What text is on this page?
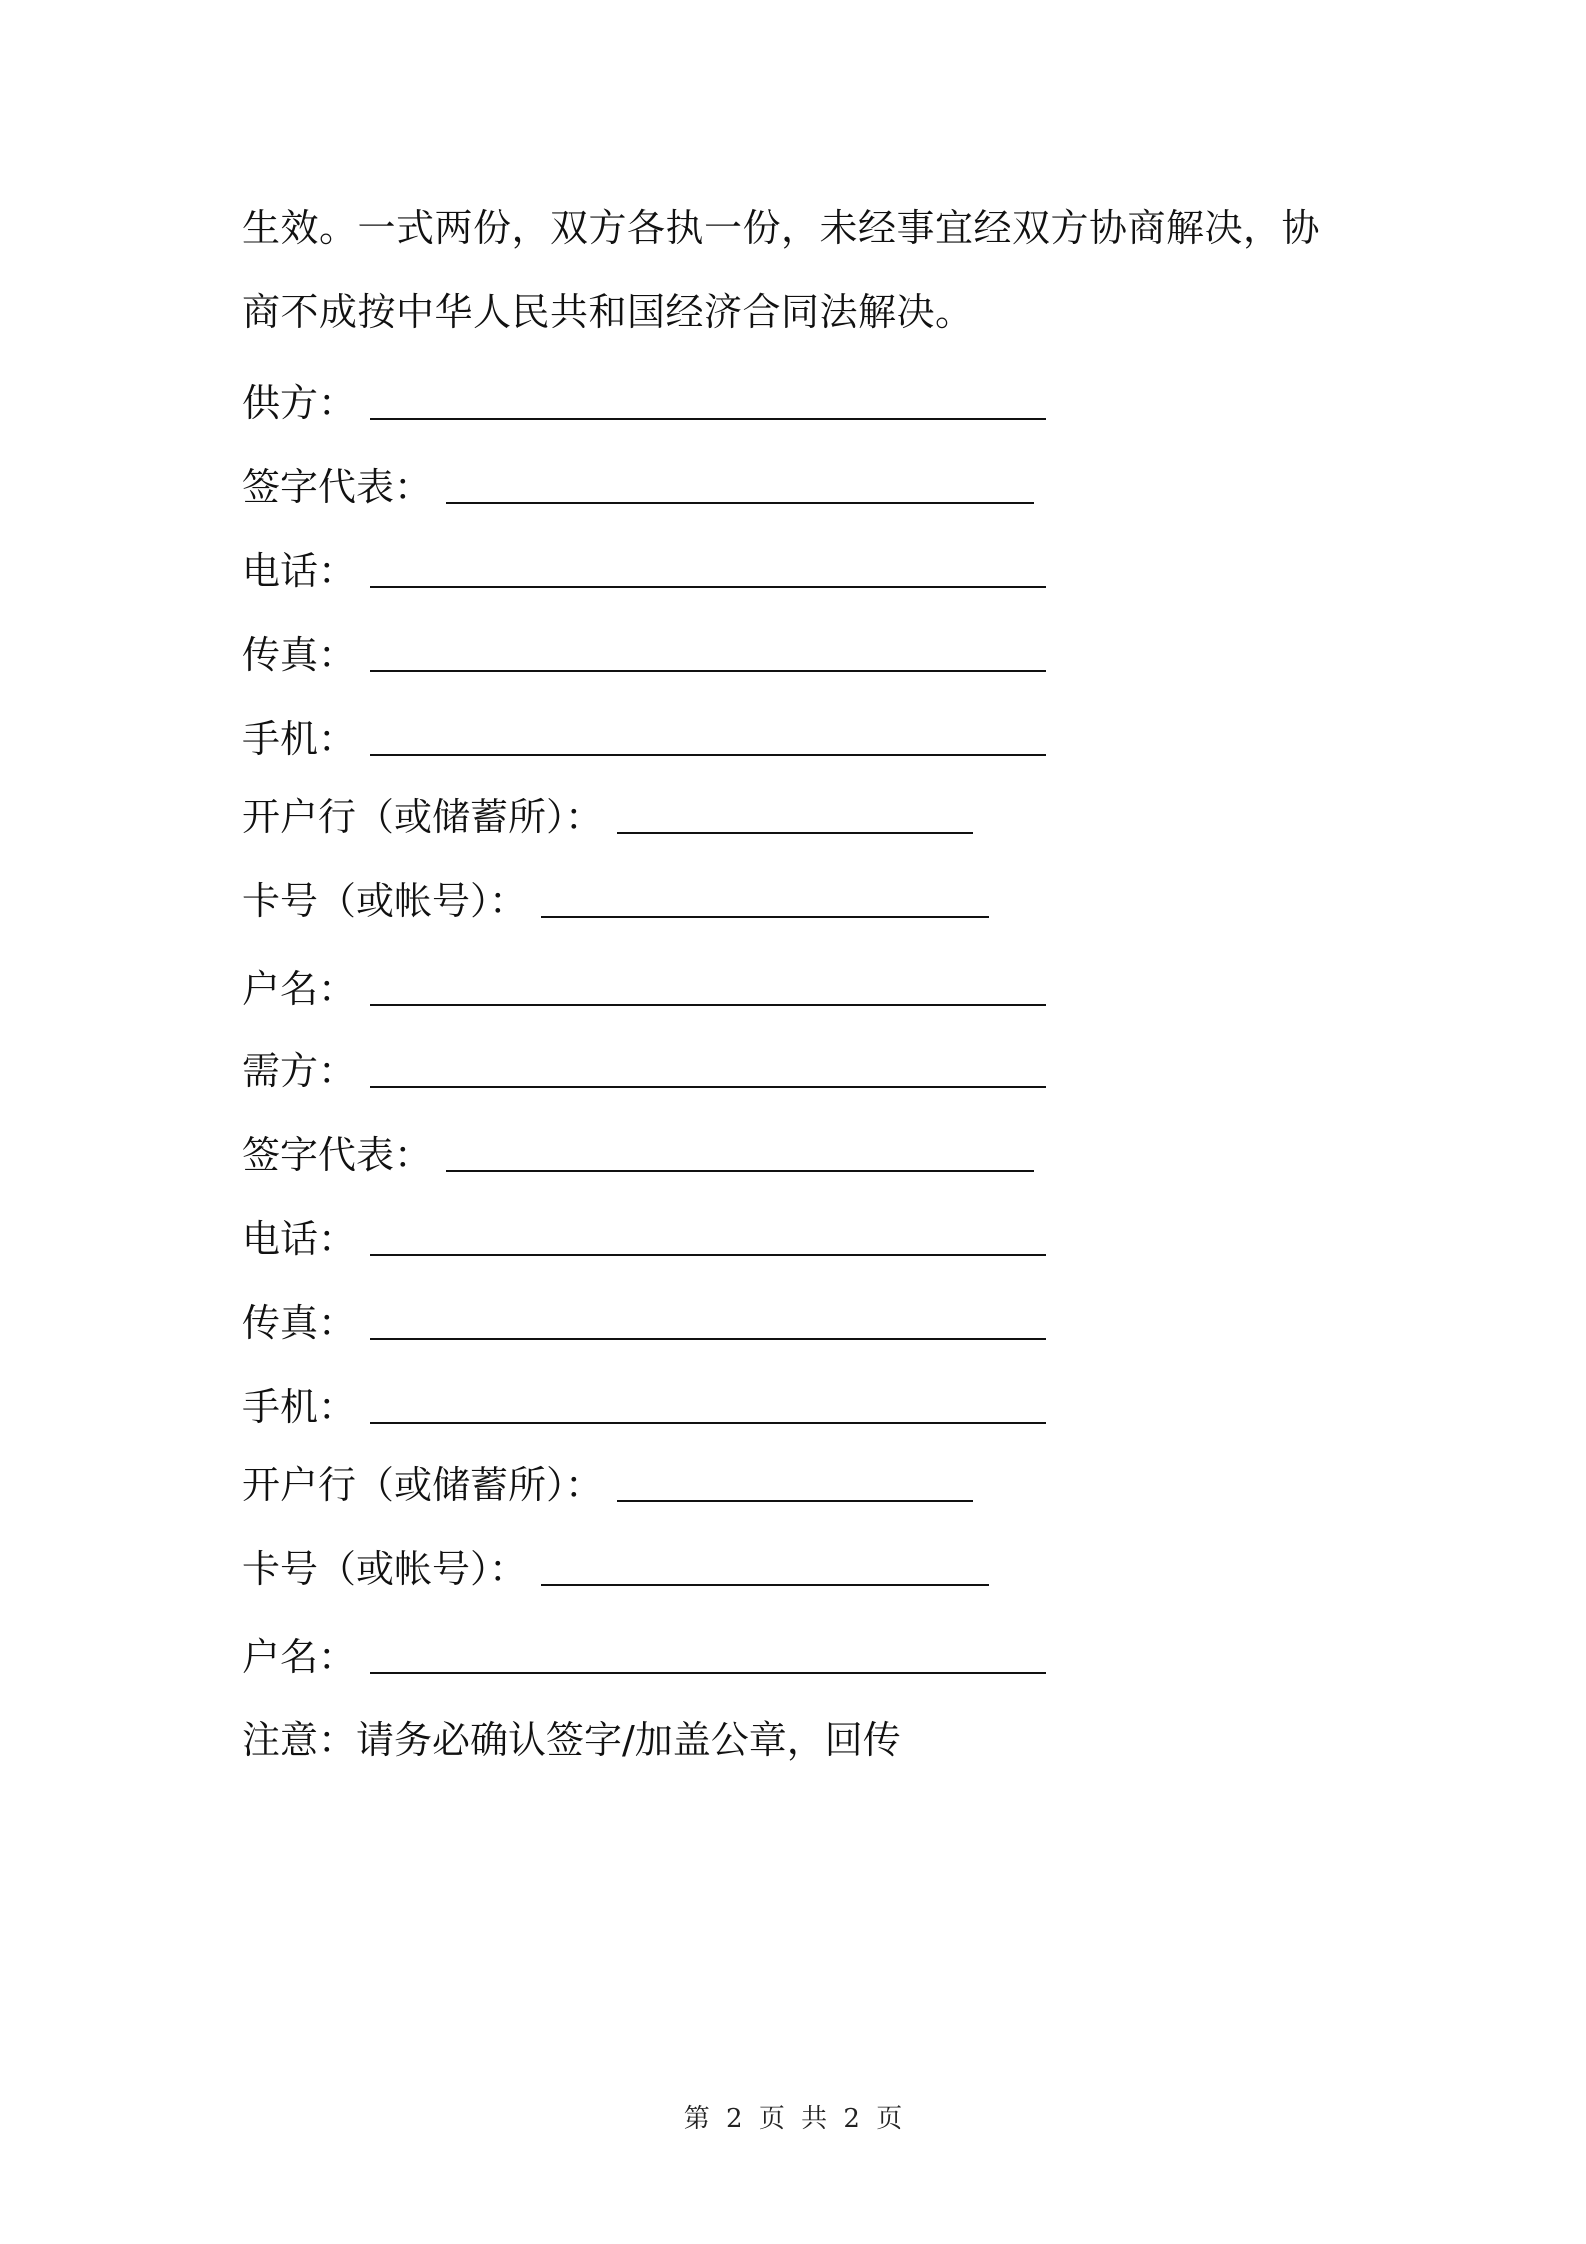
生效。一式两份，双方各执一份，未经事宜经双方协商解决，协
商不成按中华人民共和国经济合同法解决。
供方：
签字代表：
电话：
传真：
手机：
开户行（或储蓄所）：
卡号（或帐号）：
户名：
需方：
签字代表：
电话：
传真：
手机：
开户行（或储蓄所）：
卡号（或帐号）：
户名：
注意：请务必确认签字/加盖公章，回传
第 2 页 共 2 页
